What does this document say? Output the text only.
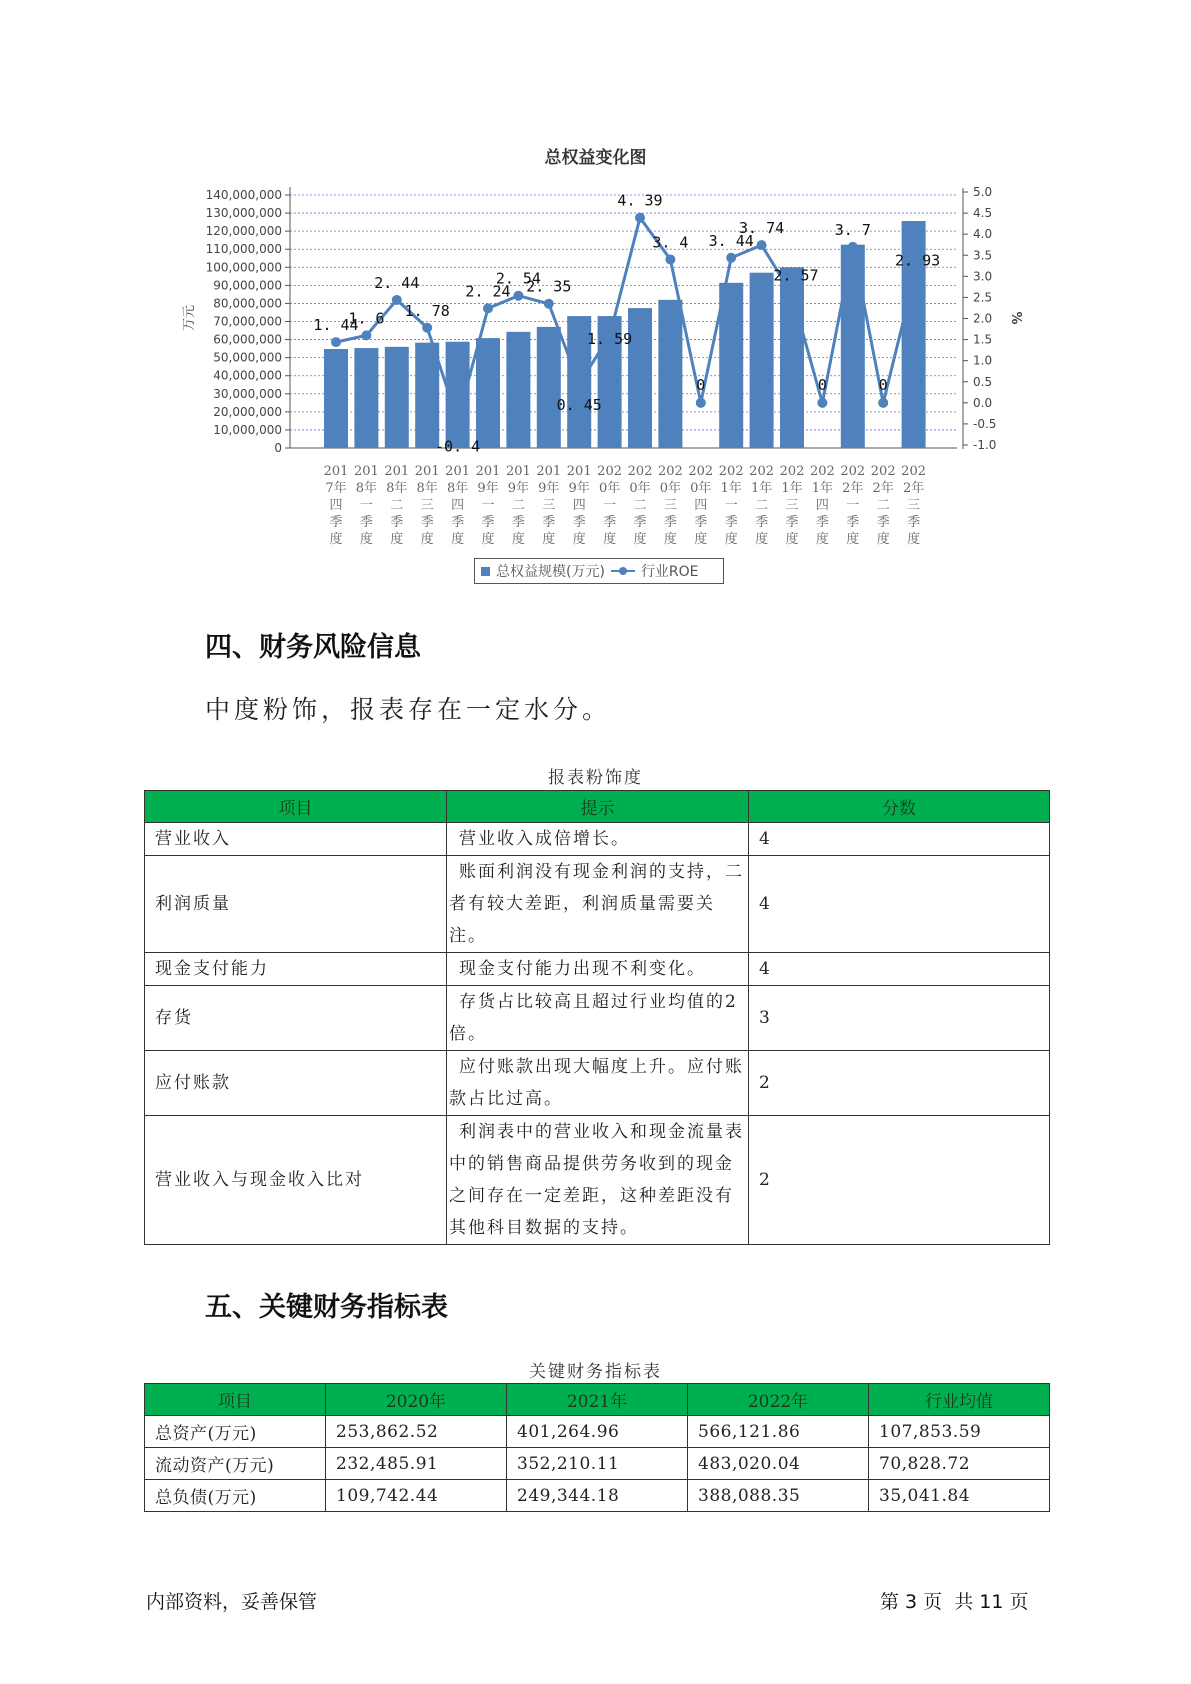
总权益变化图
140,000,000
130,000,000
120,000,000
110,000,000
100,000,000
90,000,000
80,000,000
70,000,000
60,000,000
50,000,000
40,000,000
30,000,000
20,000,000
10,000,000
0
5.0
4.5
4.0
3.5
3.0
2.5
2.0
1.5
1.0
0.5
0.0
-0.5
-1.0
万元	%
1. 44
1. 6
2. 44
1. 78
-0. 4
2. 24
2. 54
2. 35
0. 45
1. 59
4. 39
3. 4
0
3. 44
3. 74
2. 57
0
3. 7
0
2. 93
201
7年
四
季
度
201
8年
一
季
度
201
8年
二
季
度
201
8年
三
季
度
201
8年
四
季
度
201
9年
一
季
度
201
9年
二
季
度
201
9年
三
季
度
201
9年
四
季
度
202
0年
一
季
度
202
0年
二
季
度
202
0年
三
季
度
202
0年
四
季
度
202
1年
一
季
度
202
1年
二
季
度
202
1年
三
季
度
202
1年
四
季
度
202
2年
一
季
度
202
2年
二
季
度
202
2年
三
季
度
总权益规模(万元)	行业ROE
四、财务风险信息
中度粉饰，报表存在一定水分。
报表粉饰度
项目	提示	分数
营业收入	营业收入成倍增长。	4
利润质量	账面利润没有现金利润的支持，二者有较大差距，利润质量需要关注。	4
现金支付能力	现金支付能力出现不利变化。	4
存货	存货占比较高且超过行业均值的2倍。	3
应付账款	应付账款出现大幅度上升。应付账款占比过高。	2
营业收入与现金收入比对	利润表中的营业收入和现金流量表中的销售商品提供劳务收到的现金之间存在一定差距，这种差距没有其他科目数据的支持。	2
五、关键财务指标表
关键财务指标表
项目	2020年	2021年	2022年	行业均值
总资产(万元)	253,862.52	401,264.96	566,121.86	107,853.59
流动资产(万元)	232,485.91	352,210.11	483,020.04	70,828.72
总负债(万元)	109,742.44	249,344.18	388,088.35	35,041.84
内部资料，妥善保管	第 3 页  共 11 页
